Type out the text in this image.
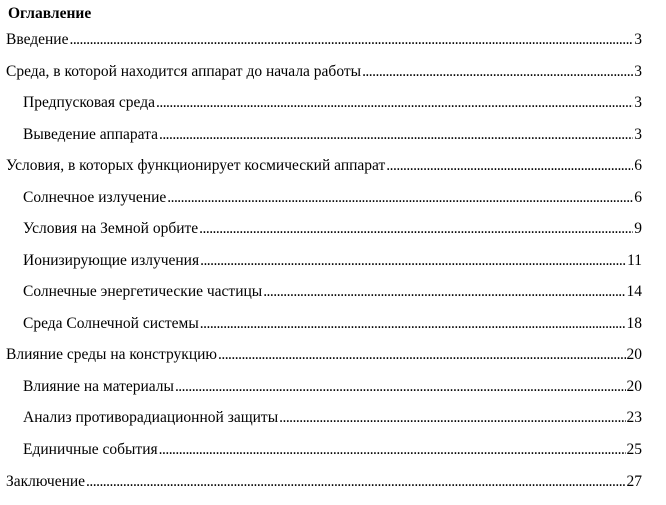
Оглавление
Введение . . .	3
Среда, в которой находится аппарат до начала работы . . .	3
Предпусковая среда . . .	3
Выведение аппарата . . .	3
Условия, в которых функционирует космический аппарат . . .	6
Солнечное излучение . . .	6
Условия на Земной орбите . . .	9
Ионизирующие излучения . . .	11
Солнечные энергетические частицы . . .	14
Среда Солнечной системы . . .	18
Влияние среды на конструкцию . . .	20
Влияние на материалы . . .	20
Анализ противорадиационной защиты . . .	23
Единичные события . . .	25
Заключение . . .	27
